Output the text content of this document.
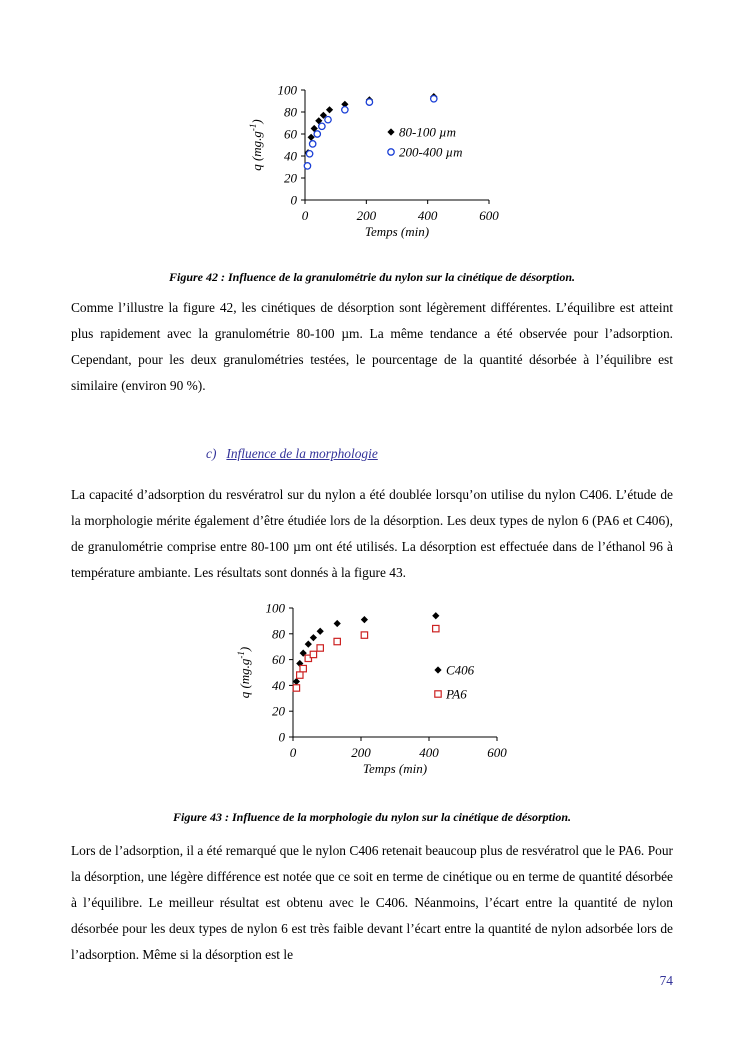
0
20
40
60
80
100
0	200	400	600
Temps (min)
q $(mg.g^{-1})$
80-100 µm
200-400 µm
Figure 42 : Influence de la granulométrie du nylon sur la cinétique de désorption.

Comme l’illustre la figure 42, les cinétiques de désorption sont légèrement différentes. L’équilibre est atteint plus rapidement avec la granulométrie 80-100 µm. La même tendance a été observée pour l’adsorption. Cependant, pour les deux granulométries testées, le pourcentage de la quantité désorbée à l’équilibre est similaire (environ 90 %).

c) Influence de la morphologie

La capacité d’adsorption du resvératrol sur du nylon a été doublée lorsqu’on utilise du nylon C406. L’étude de la morphologie mérite également d’être étudiée lors de la désorption. Les deux types de nylon 6 (PA6 et C406), de granulométrie comprise entre 80-100 µm ont été utilisés. La désorption est effectuée dans de l’éthanol 96 à température ambiante. Les résultats sont donnés à la figure 43.

0
20
40
60
80
100
0	200	400	600
Temps (min)
q $(mg.g^{-1})$
C406
PA6
Figure 43 : Influence de la morphologie du nylon sur la cinétique de désorption.

Lors de l’adsorption, il a été remarqué que le nylon C406 retenait beaucoup plus de resvératrol que le PA6. Pour la désorption, une légère différence est notée que ce soit en terme de cinétique ou en terme de quantité désorbée à l’équilibre. Le meilleur résultat est obtenu avec le C406. Néanmoins, l’écart entre la quantité de nylon désorbée pour les deux types de nylon 6 est très faible devant l’écart entre la quantité de nylon adsorbée lors de l’adsorption. Même si la désorption est le

74
